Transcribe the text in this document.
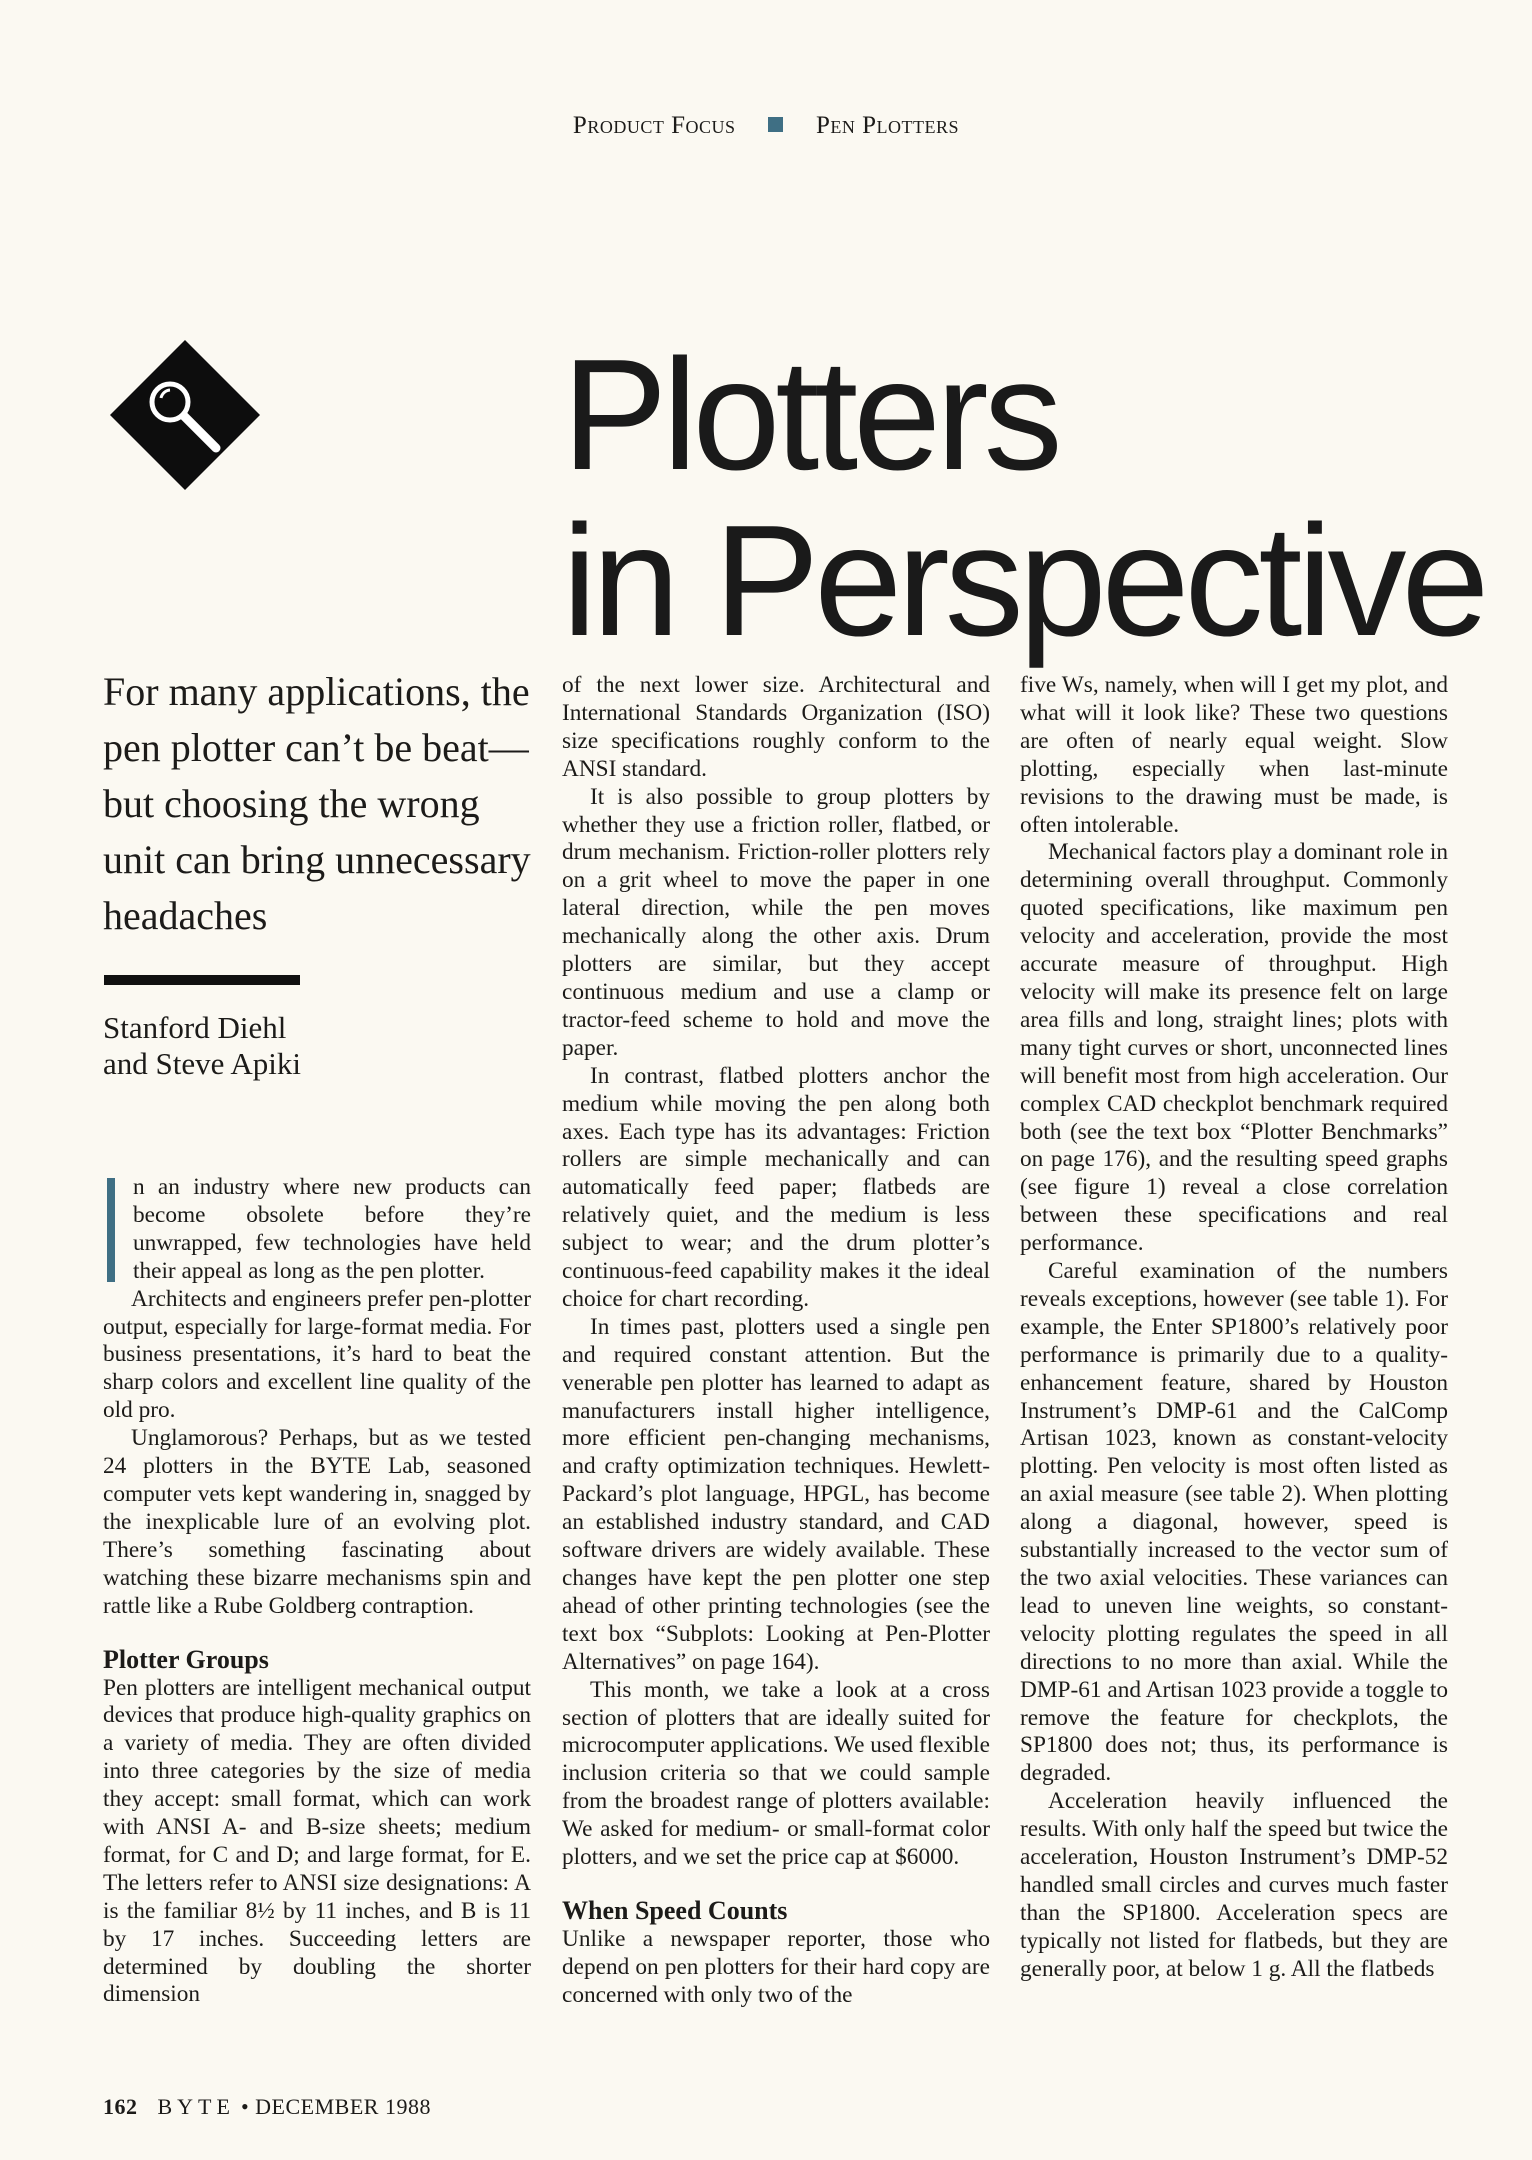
Product Focus	Pen Plotters
Plotters
in Perspective

For many applications, the pen plotter can’t be beat—but choosing the wrong unit can bring unnecessary headaches

Stanford Diehl
and Steve Apiki

n an industry where new products can become obsolete before they’re unwrapped, few technologies have held their appeal as long as the pen plotter.

Architects and engineers prefer pen-plotter output, especially for large-format media. For business presentations, it’s hard to beat the sharp colors and excellent line quality of the old pro.

Unglamorous? Perhaps, but as we tested 24 plotters in the BYTE Lab, seasoned computer vets kept wandering in, snagged by the inexplicable lure of an evolving plot. There’s something fascinating about watching these bizarre mechanisms spin and rattle like a Rube Goldberg contraption.

Plotter Groups

Pen plotters are intelligent mechanical output devices that produce high-quality graphics on a variety of media. They are often divided into three categories by the size of media they accept: small format, which can work with ANSI A- and B-size sheets; medium format, for C and D; and large format, for E. The letters refer to ANSI size designations: A is the familiar 8½ by 11 inches, and B is 11 by 17 inches. Succeeding letters are determined by doubling the shorter dimension

of the next lower size. Architectural and International Standards Organization (ISO) size specifications roughly conform to the ANSI standard.

It is also possible to group plotters by whether they use a friction roller, flatbed, or drum mechanism. Friction-roller plotters rely on a grit wheel to move the paper in one lateral direction, while the pen moves mechanically along the other axis. Drum plotters are similar, but they accept continuous medium and use a clamp or tractor-feed scheme to hold and move the paper.

In contrast, flatbed plotters anchor the medium while moving the pen along both axes. Each type has its advantages: Friction rollers are simple mechanically and can automatically feed paper; flatbeds are relatively quiet, and the medium is less subject to wear; and the drum plotter’s continuous-feed capability makes it the ideal choice for chart recording.

In times past, plotters used a single pen and required constant attention. But the venerable pen plotter has learned to adapt as manufacturers install higher intelligence, more efficient pen-changing mechanisms, and crafty optimization techniques. Hewlett-Packard’s plot language, HPGL, has become an established industry standard, and CAD software drivers are widely available. These changes have kept the pen plotter one step ahead of other printing technologies (see the text box “Subplots: Looking at Pen-Plotter Alternatives” on page 164).

This month, we take a look at a cross section of plotters that are ideally suited for microcomputer applications. We used flexible inclusion criteria so that we could sample from the broadest range of plotters available: We asked for medium- or small-format color plotters, and we set the price cap at $6000.

When Speed Counts

Unlike a newspaper reporter, those who depend on pen plotters for their hard copy are concerned with only two of the

five Ws, namely, when will I get my plot, and what will it look like? These two questions are often of nearly equal weight. Slow plotting, especially when last-minute revisions to the drawing must be made, is often intolerable.

Mechanical factors play a dominant role in determining overall throughput. Commonly quoted specifications, like maximum pen velocity and acceleration, provide the most accurate measure of throughput. High velocity will make its presence felt on large area fills and long, straight lines; plots with many tight curves or short, unconnected lines will benefit most from high acceleration. Our complex CAD checkplot benchmark required both (see the text box “Plotter Benchmarks” on page 176), and the resulting speed graphs (see figure 1) reveal a close correlation between these specifications and real performance.

Careful examination of the numbers reveals exceptions, however (see table 1). For example, the Enter SP1800’s relatively poor performance is primarily due to a quality-enhancement feature, shared by Houston Instrument’s DMP-61 and the CalComp Artisan 1023, known as constant-velocity plotting. Pen velocity is most often listed as an axial measure (see table 2). When plotting along a diagonal, however, speed is substantially increased to the vector sum of the two axial velocities. These variances can lead to uneven line weights, so constant-velocity plotting regulates the speed in all directions to no more than axial. While the DMP-61 and Artisan 1023 provide a toggle to remove the feature for checkplots, the SP1800 does not; thus, its performance is degraded.

Acceleration heavily influenced the results. With only half the speed but twice the acceleration, Houston Instrument’s DMP-52 handled small circles and curves much faster than the SP1800. Acceleration specs are typically not listed for flatbeds, but they are generally poor, at below 1 g. All the flatbeds

162 BYTE • DECEMBER 1988
